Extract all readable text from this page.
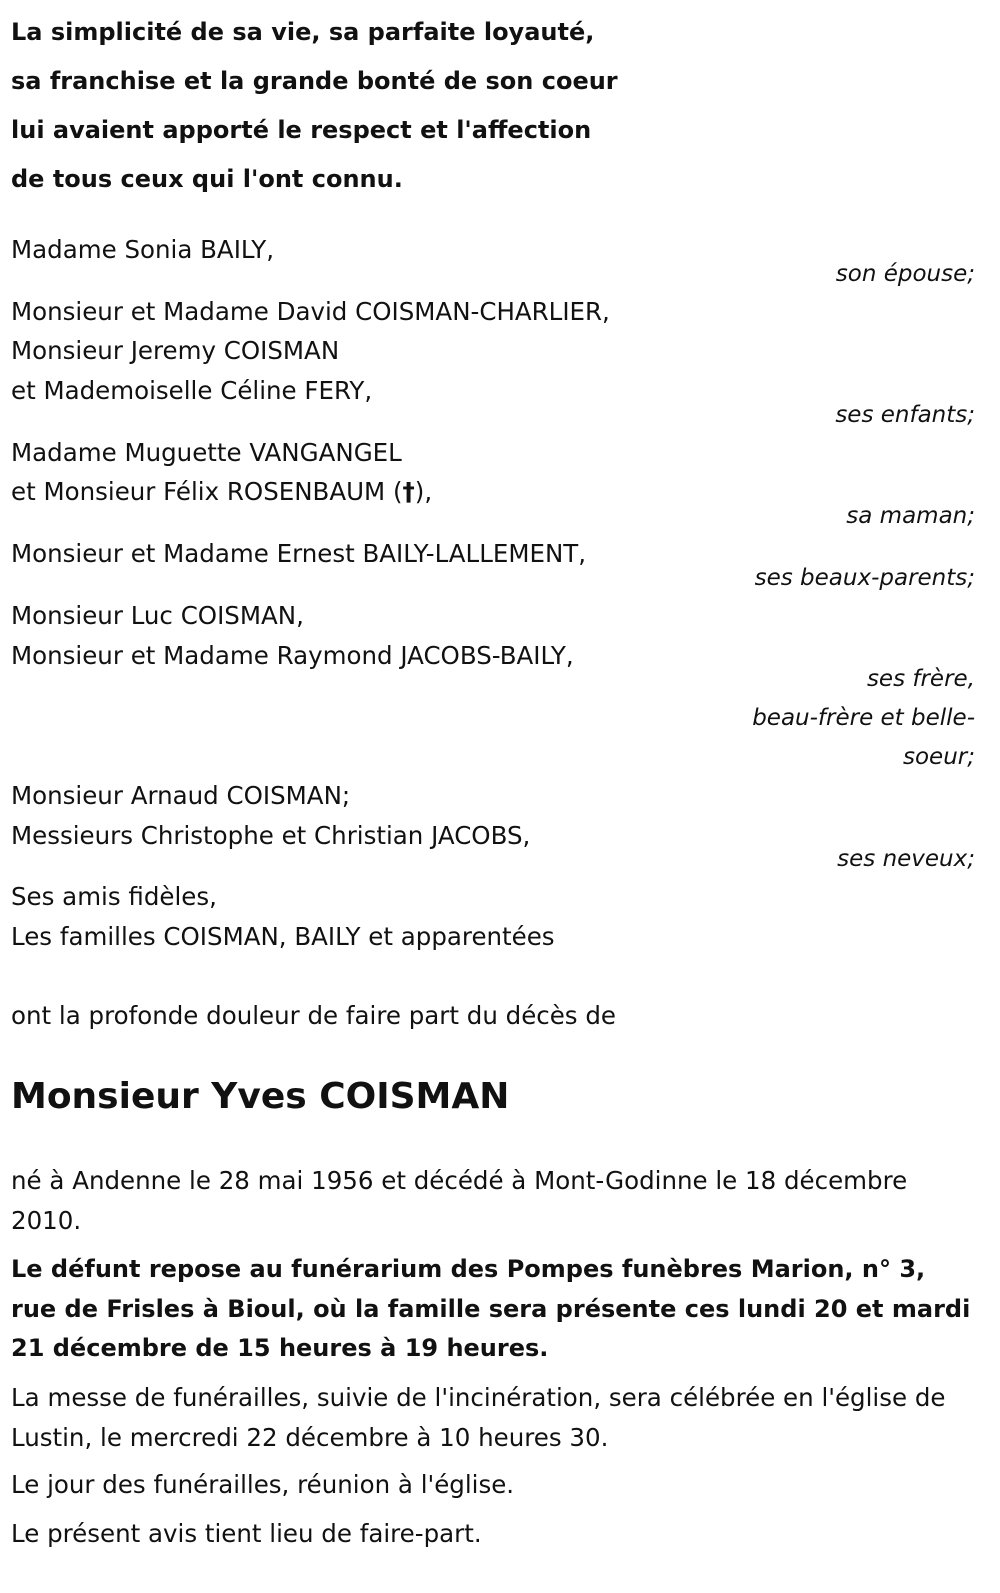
La simplicité de sa vie, sa parfaite loyauté,
sa franchise et la grande bonté de son coeur
lui avaient apporté le respect et l'affection
de tous ceux qui l'ont connu.
Madame Sonia BAILY,
son épouse;
Monsieur et Madame David COISMAN-CHARLIER,
Monsieur Jeremy COISMAN
et Mademoiselle Céline FERY,
ses enfants;
Madame Muguette VANGANGEL
et Monsieur Félix ROSENBAUM (†),
sa maman;
Monsieur et Madame Ernest BAILY-LALLEMENT,
ses beaux-parents;
Monsieur Luc COISMAN,
Monsieur et Madame Raymond JACOBS-BAILY,
ses frère,
beau-frère et belle-
soeur;
Monsieur Arnaud COISMAN;
Messieurs Christophe et Christian JACOBS,
ses neveux;
Ses amis fidèles,
Les familles COISMAN, BAILY et apparentées
ont la profonde douleur de faire part du décès de
Monsieur Yves COISMAN
né à Andenne le 28 mai 1956 et décédé à Mont-Godinne le 18 décembre 2010.
Le défunt repose au funérarium des Pompes funèbres Marion, n° 3, rue de Frisles à Bioul, où la famille sera présente ces lundi 20 et mardi 21 décembre de 15 heures à 19 heures.
La messe de funérailles, suivie de l'incinération, sera célébrée en l'église de Lustin, le mercredi 22 décembre à 10 heures 30.
Le jour des funérailles, réunion à l'église.
Le présent avis tient lieu de faire-part.
